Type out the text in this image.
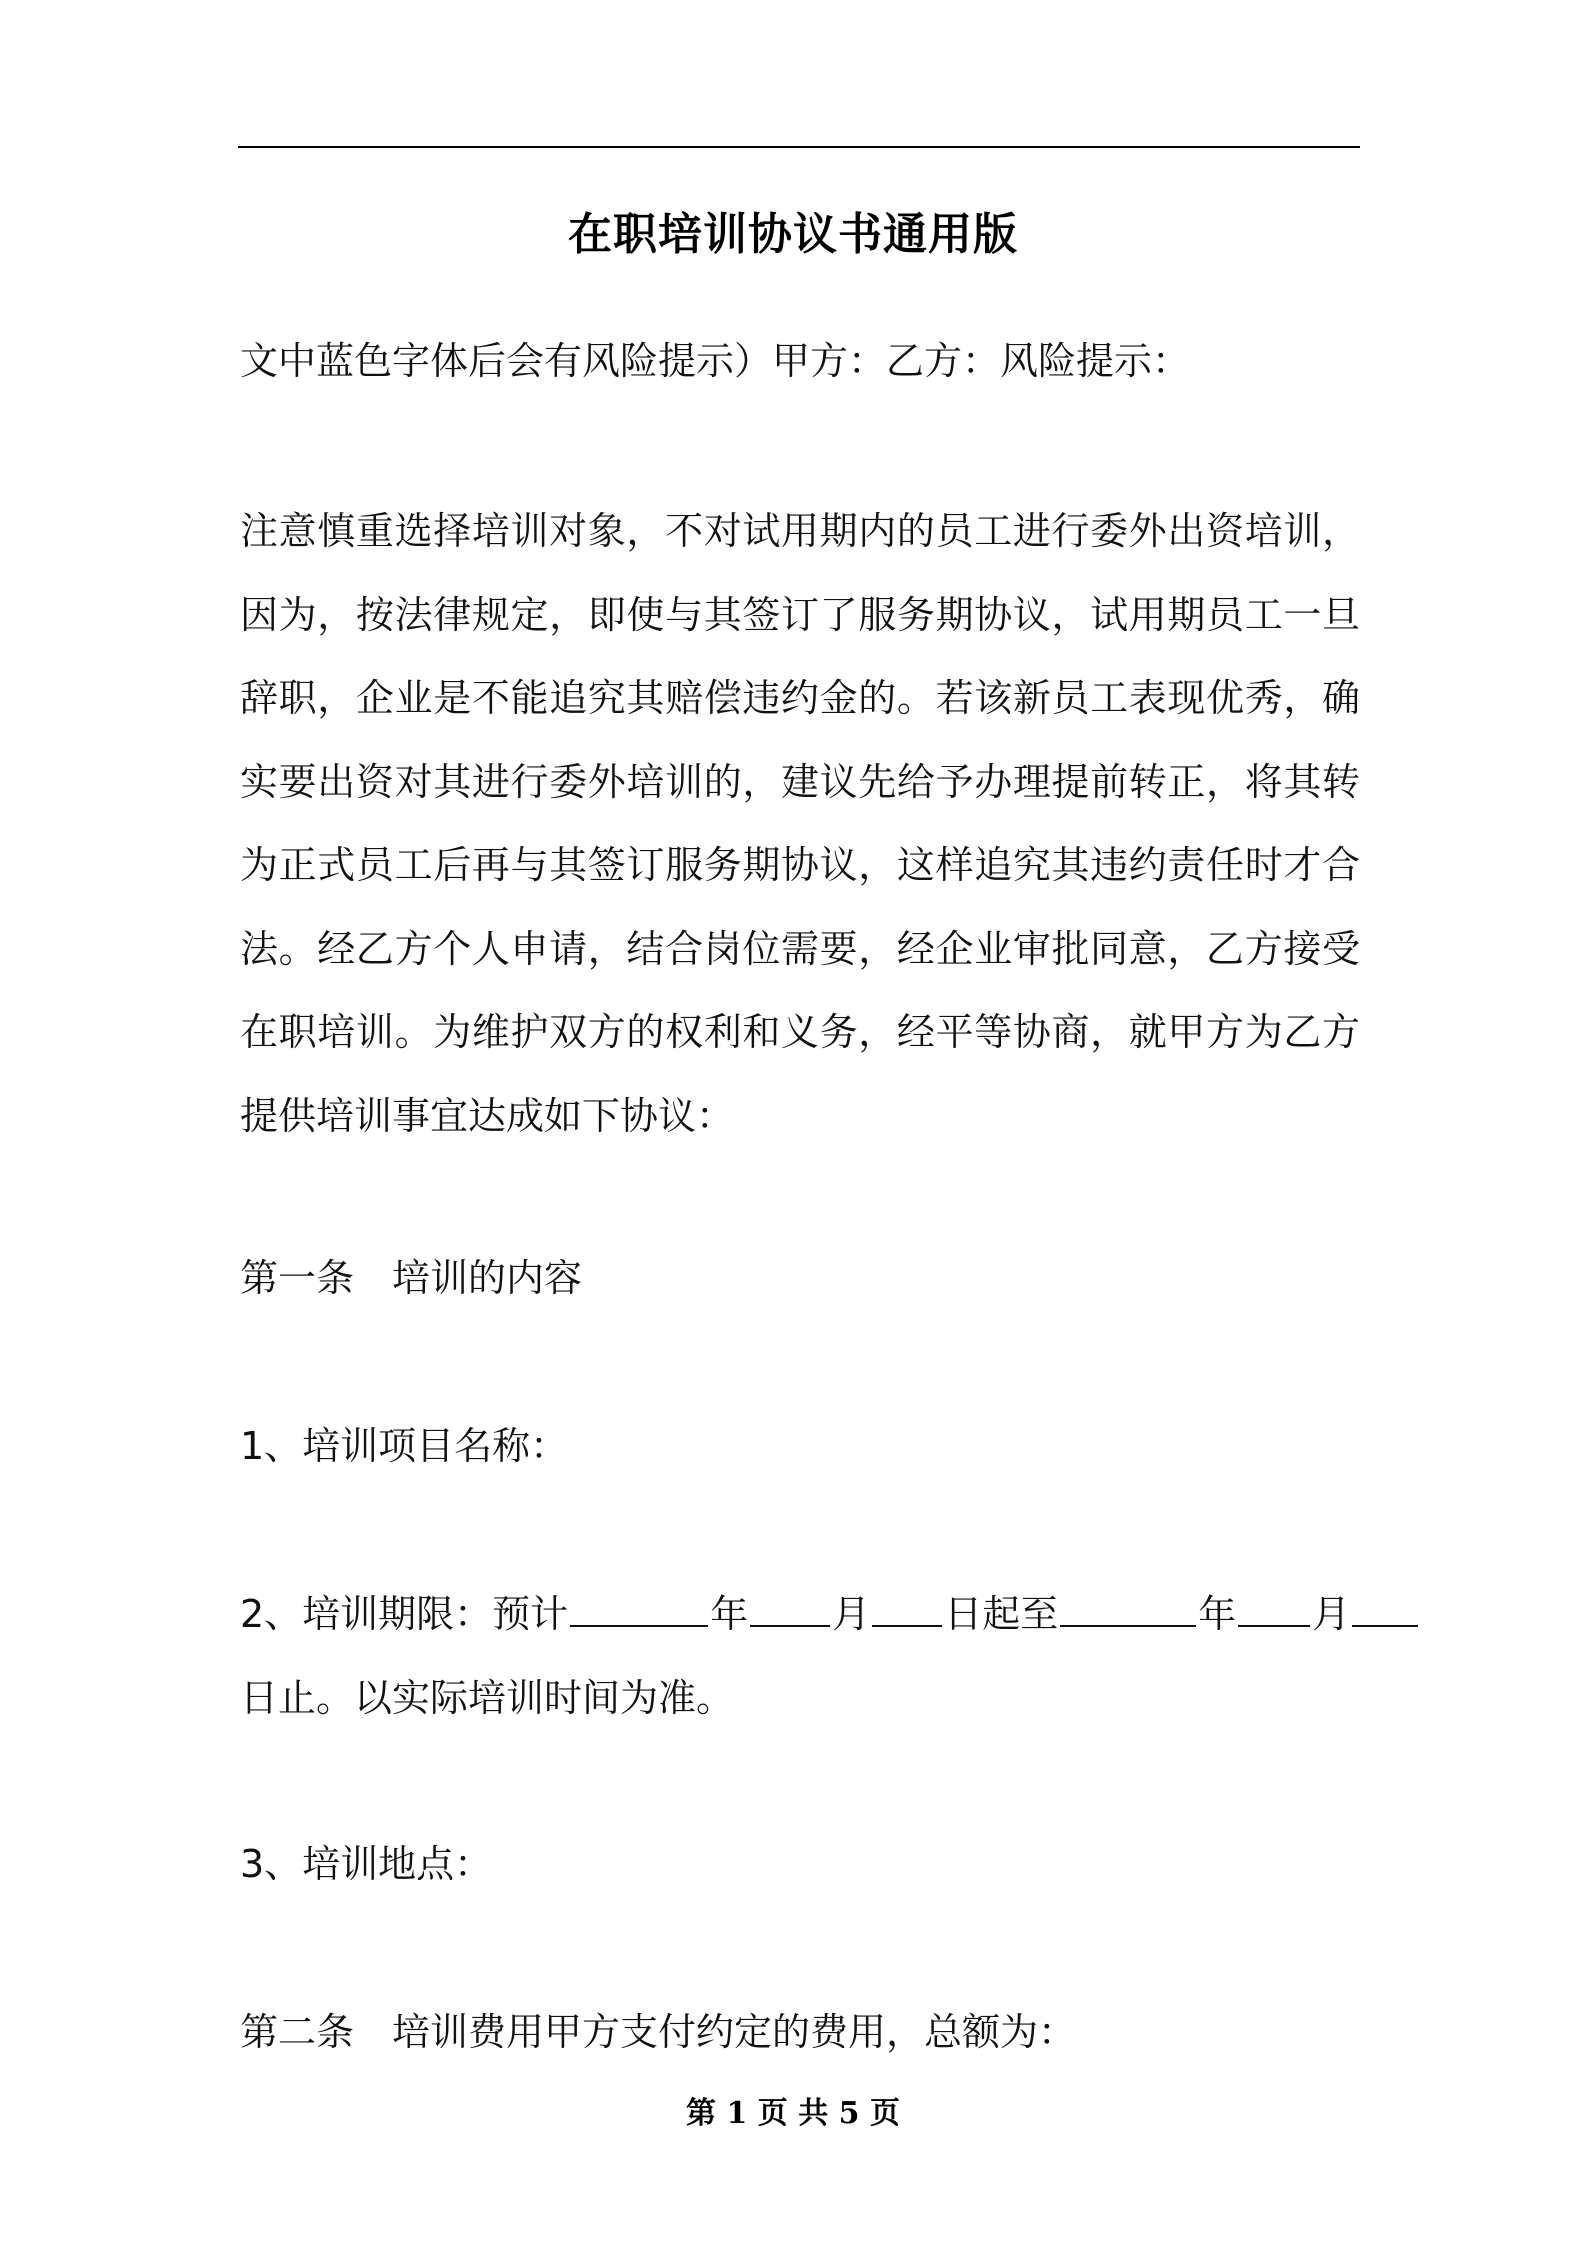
在职培训协议书通用版
文中蓝色字体后会有风险提示）甲方：乙方：风险提示：
注意慎重选择培训对象，不对试用期内的员工进行委外出资培训，因为，按法律规定，即使与其签订了服务期协议，试用期员工一旦辞职，企业是不能追究其赔偿违约金的。若该新员工表现优秀，确实要出资对其进行委外培训的，建议先给予办理提前转正，将其转为正式员工后再与其签订服务期协议，这样追究其违约责任时才合法。经乙方个人申请，结合岗位需要，经企业审批同意，乙方接受在职培训。为维护双方的权利和义务，经平等协商，就甲方为乙方提供培训事宜达成如下协议：
第一条　培训的内容
1、培训项目名称：
2、培训期限：预计	年 月 日起至	年 月
日止。以实际培训时间为准。
3、培训地点：
第二条　培训费用甲方支付约定的费用，总额为：
第 1 页 共 5 页
